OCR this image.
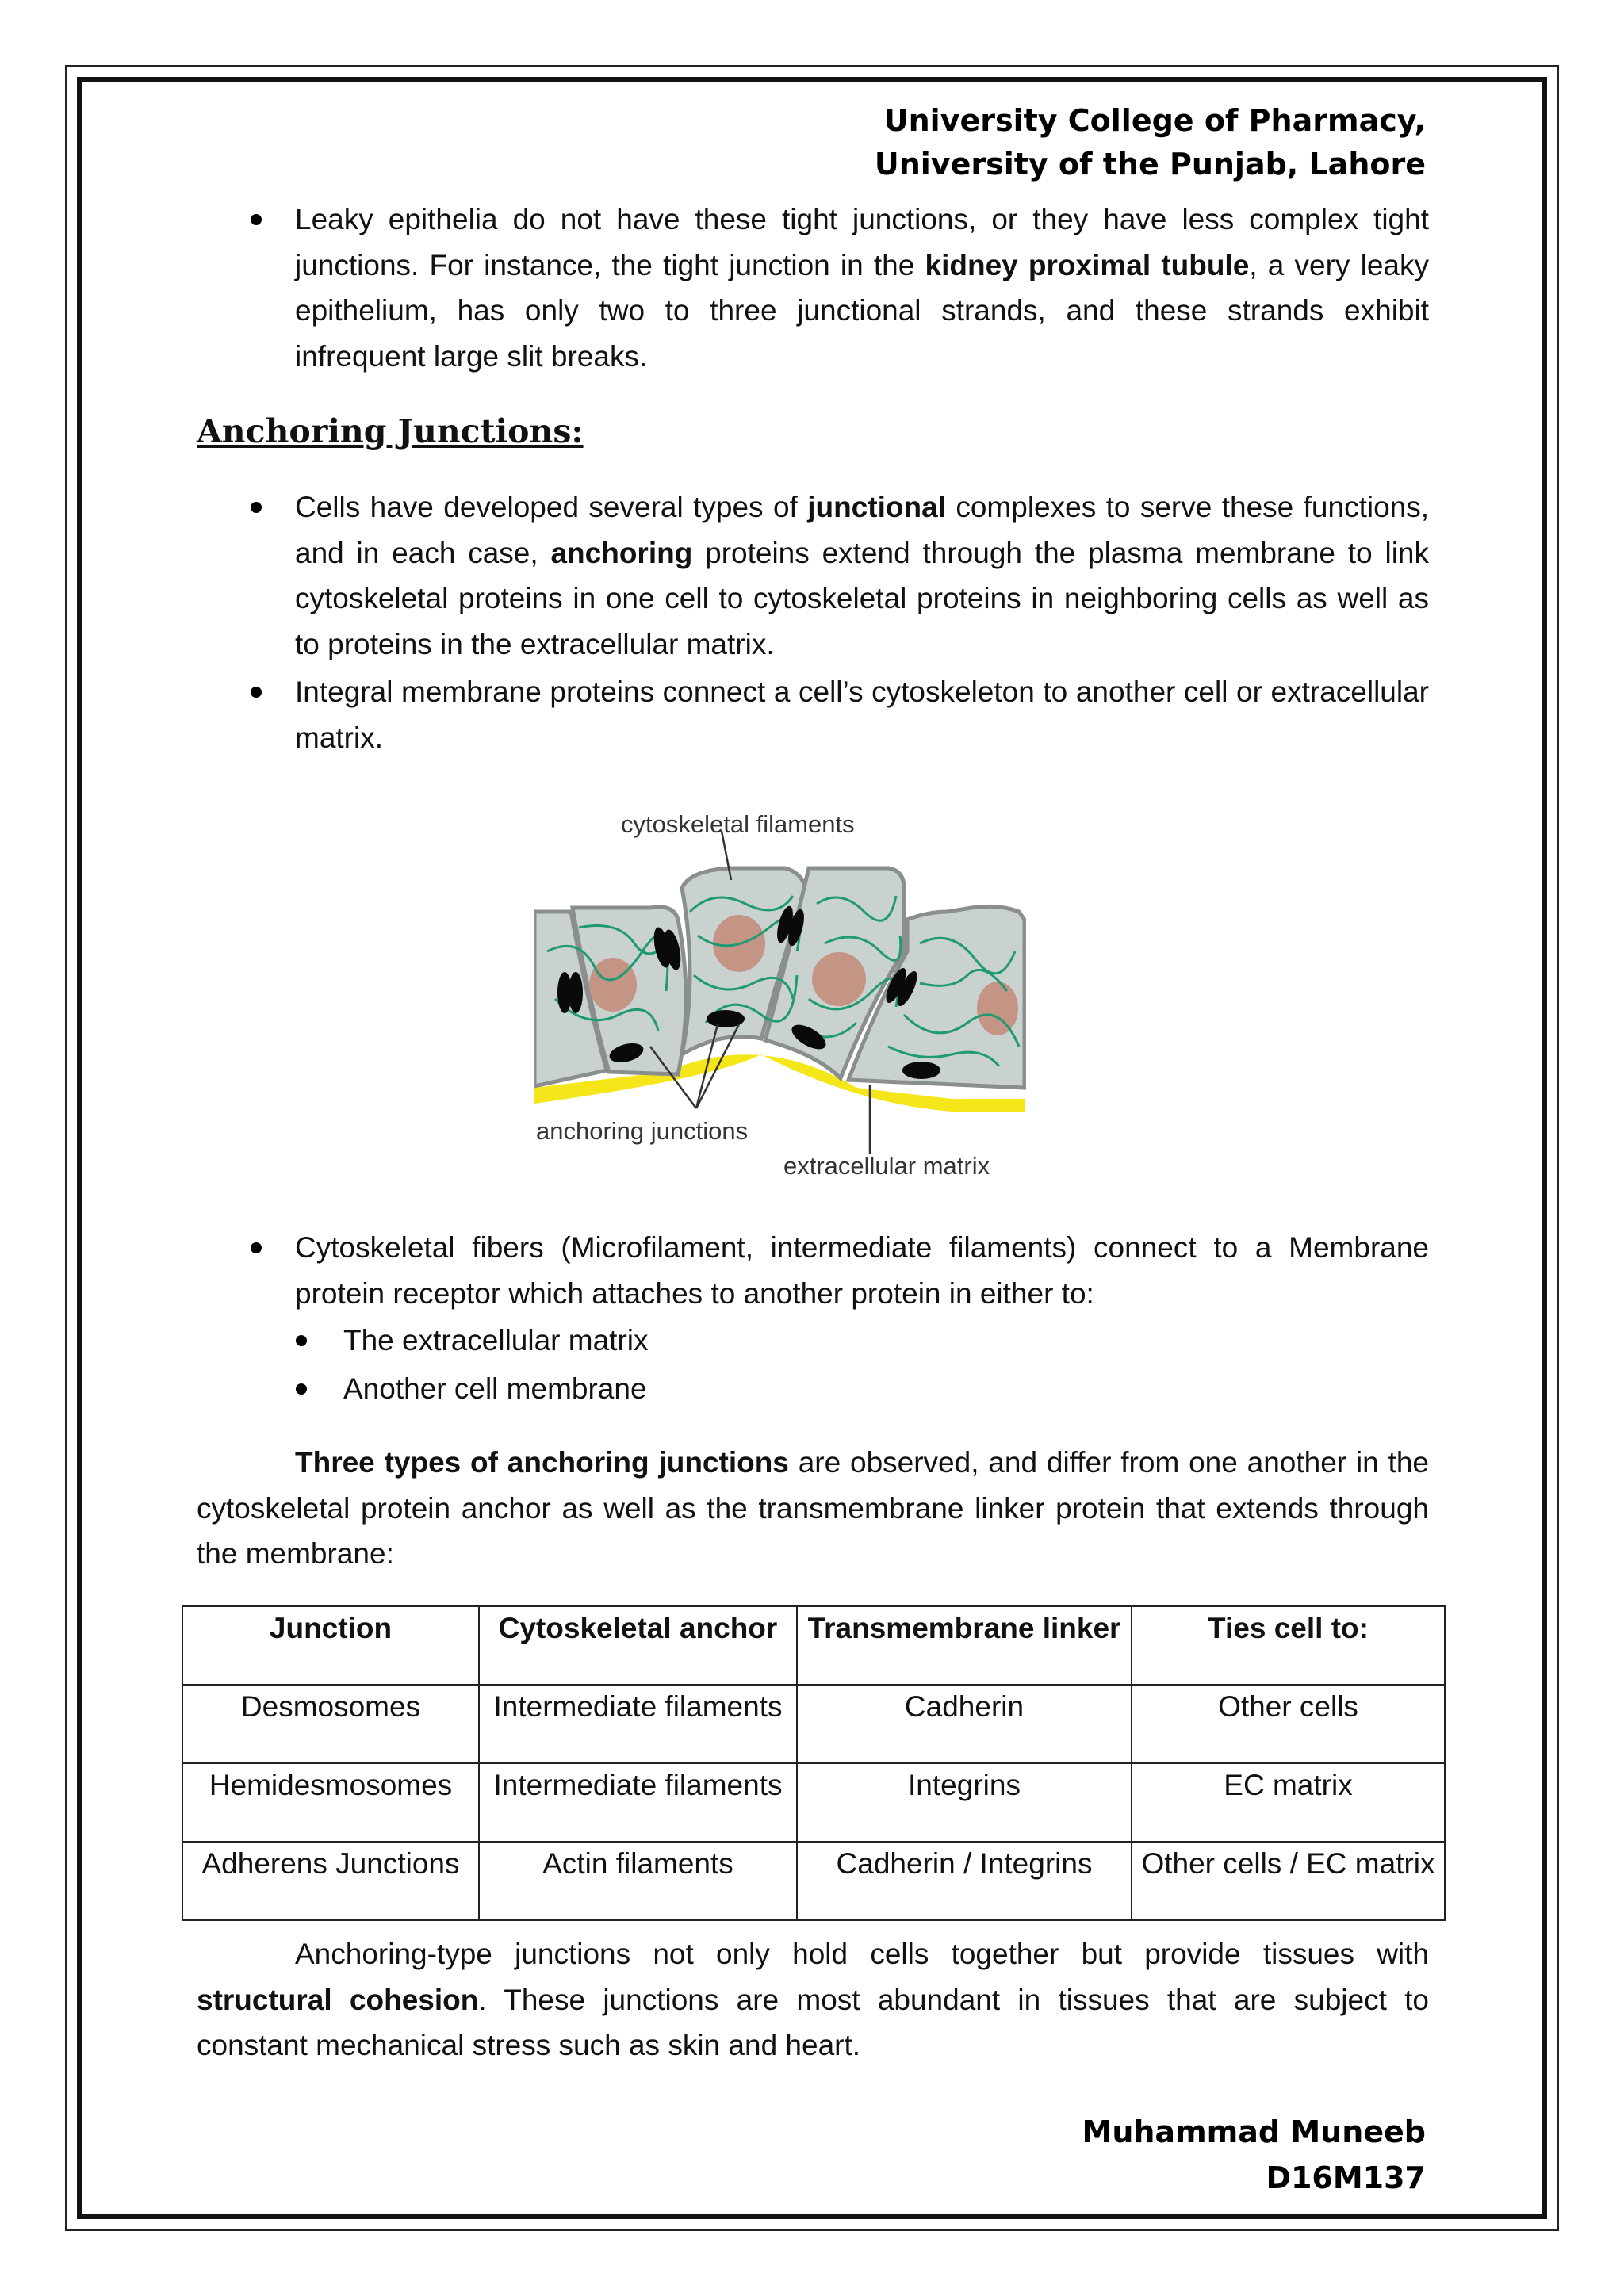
University College of Pharmacy,
University of the Punjab, Lahore
Leaky epithelia do not have these tight junctions, or they have less complex tight junctions. For instance, the tight junction in the kidney proximal tubule, a very leaky epithelium, has only two to three junctional strands, and these strands exhibit infrequent large slit breaks.
Anchoring Junctions:
Cells have developed several types of junctional complexes to serve these functions, and in each case, anchoring proteins extend through the plasma membrane to link cytoskeletal proteins in one cell to cytoskeletal proteins in neighboring cells as well as to proteins in the extracellular matrix.
Integral membrane proteins connect a cell’s cytoskeleton to another cell or extracellular matrix.
cytoskeletal filaments
anchoring junctions
extracellular matrix
Cytoskeletal fibers (Microfilament, intermediate filaments) connect to a Membrane protein receptor which attaches to another protein in either to:
The extracellular matrix
Another cell membrane
Three types of anchoring junctions are observed, and differ from one another in the cytoskeletal protein anchor as well as the transmembrane linker protein that extends through the membrane:
Junction	Cytoskeletal anchor	Transmembrane linker	Ties cell to:
Desmosomes	Intermediate filaments	Cadherin	Other cells
Hemidesmosomes	Intermediate filaments	Integrins	EC matrix
Adherens Junctions	Actin filaments	Cadherin / Integrins	Other cells / EC matrix
Anchoring-type junctions not only hold cells together but provide tissues with structural cohesion. These junctions are most abundant in tissues that are subject to constant mechanical stress such as skin and heart.
Muhammad Muneeb
D16M137
